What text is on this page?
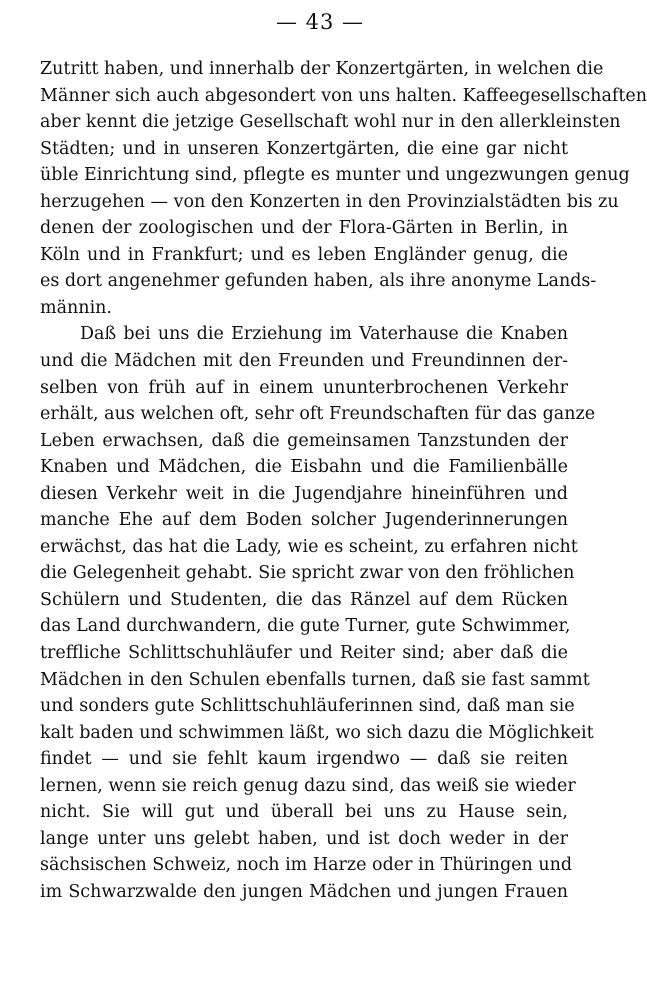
— 43 —
Zutritt haben, und innerhalb der Konzertgärten, in welchen die
Männer sich auch abgesondert von uns halten. Kaffeegesellschaften
aber kennt die jetzige Gesellschaft wohl nur in den allerkleinsten
Städten; und in unseren Konzertgärten, die eine gar nicht
üble Einrichtung sind, pflegte es munter und ungezwungen genug
herzugehen — von den Konzerten in den Provinzialstädten bis zu
denen der zoologischen und der Flora-Gärten in Berlin, in
Köln und in Frankfurt; und es leben Engländer genug, die
es dort angenehmer gefunden haben, als ihre anonyme Lands-
männin.
Daß bei uns die Erziehung im Vaterhause die Knaben
und die Mädchen mit den Freunden und Freundinnen der-
selben von früh auf in einem ununterbrochenen Verkehr
erhält, aus welchen oft, sehr oft Freundschaften für das ganze
Leben erwachsen, daß die gemeinsamen Tanzstunden der
Knaben und Mädchen, die Eisbahn und die Familienbälle
diesen Verkehr weit in die Jugendjahre hineinführen und
manche Ehe auf dem Boden solcher Jugenderinnerungen
erwächst, das hat die Lady, wie es scheint, zu erfahren nicht
die Gelegenheit gehabt. Sie spricht zwar von den fröhlichen
Schülern und Studenten, die das Ränzel auf dem Rücken
das Land durchwandern, die gute Turner, gute Schwimmer,
treffliche Schlittschuhläufer und Reiter sind; aber daß die
Mädchen in den Schulen ebenfalls turnen, daß sie fast sammt
und sonders gute Schlittschuhläuferinnen sind, daß man sie
kalt baden und schwimmen läßt, wo sich dazu die Möglichkeit
findet — und sie fehlt kaum irgendwo — daß sie reiten
lernen, wenn sie reich genug dazu sind, das weiß sie wieder
nicht. Sie will gut und überall bei uns zu Hause sein,
lange unter uns gelebt haben, und ist doch weder in der
sächsischen Schweiz, noch im Harze oder in Thüringen und
im Schwarzwalde den jungen Mädchen und jungen Frauen
